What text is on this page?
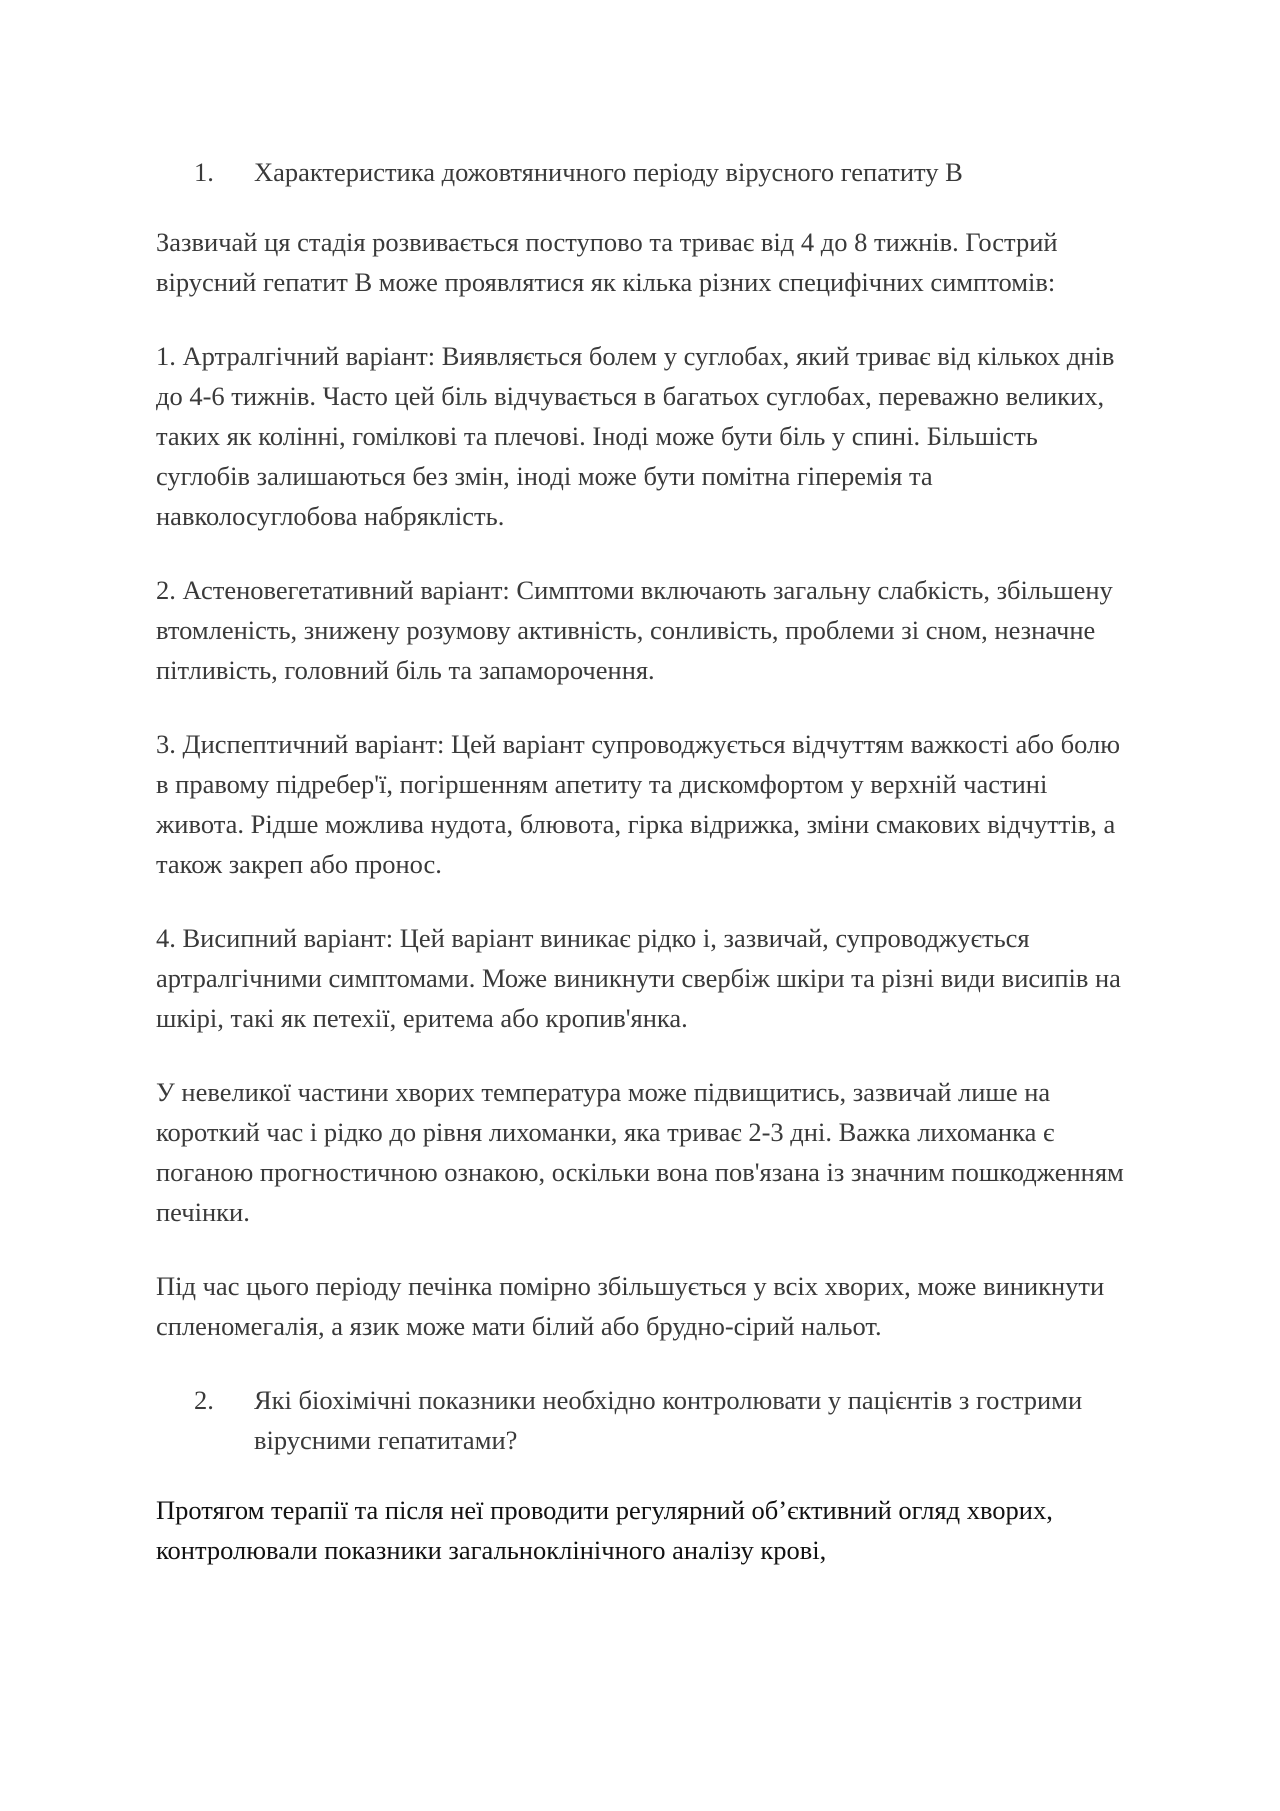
1.	Характеристика дожовтяничного періоду вірусного гепатиту В

Зазвичай ця стадія розвивається поступово та триває від 4 до 8 тижнів. Гострий вірусний гепатит В може проявлятися як кілька різних специфічних симптомів:

1. Артралгічний варіант: Виявляється болем у суглобах, який триває від кількох днів до 4-6 тижнів. Часто цей біль відчувається в багатьох суглобах, переважно великих, таких як колінні, гомілкові та плечові. Іноді може бути біль у спині. Більшість суглобів залишаються без змін, іноді може бути помітна гіперемія та навколосуглобова набряклість.

2. Астеновегетативний варіант: Симптоми включають загальну слабкість, збільшену втомленість, знижену розумову активність, сонливість, проблеми зі сном, незначне пітливість, головний біль та запаморочення.

3. Диспептичний варіант: Цей варіант супроводжується відчуттям важкості або болю в правому підребер'ї, погіршенням апетиту та дискомфортом у верхній частині живота. Рідше можлива нудота, блювота, гірка відрижка, зміни смакових відчуттів, а також закреп або пронос.

4. Висипний варіант: Цей варіант виникає рідко і, зазвичай, супроводжується артралгічними симптомами. Може виникнути свербіж шкіри та різні види висипів на шкірі, такі як петехії, еритема або кропив'янка.

У невеликої частини хворих температура може підвищитись, зазвичай лише на короткий час і рідко до рівня лихоманки, яка триває 2-3 дні. Важка лихоманка є поганою прогностичною ознакою, оскільки вона пов'язана із значним пошкодженням печінки.

Під час цього періоду печінка помірно збільшується у всіх хворих, може виникнути спленомегалія, а язик може мати білий або брудно-сірий нальот.

2.	Які біохімічні показники необхідно контролювати у пацієнтів з гострими вірусними гепатитами?

Протягом терапії та після неї проводити регулярний об’єктивний огляд хворих, контролювали показники загальноклінічного аналізу крові,
